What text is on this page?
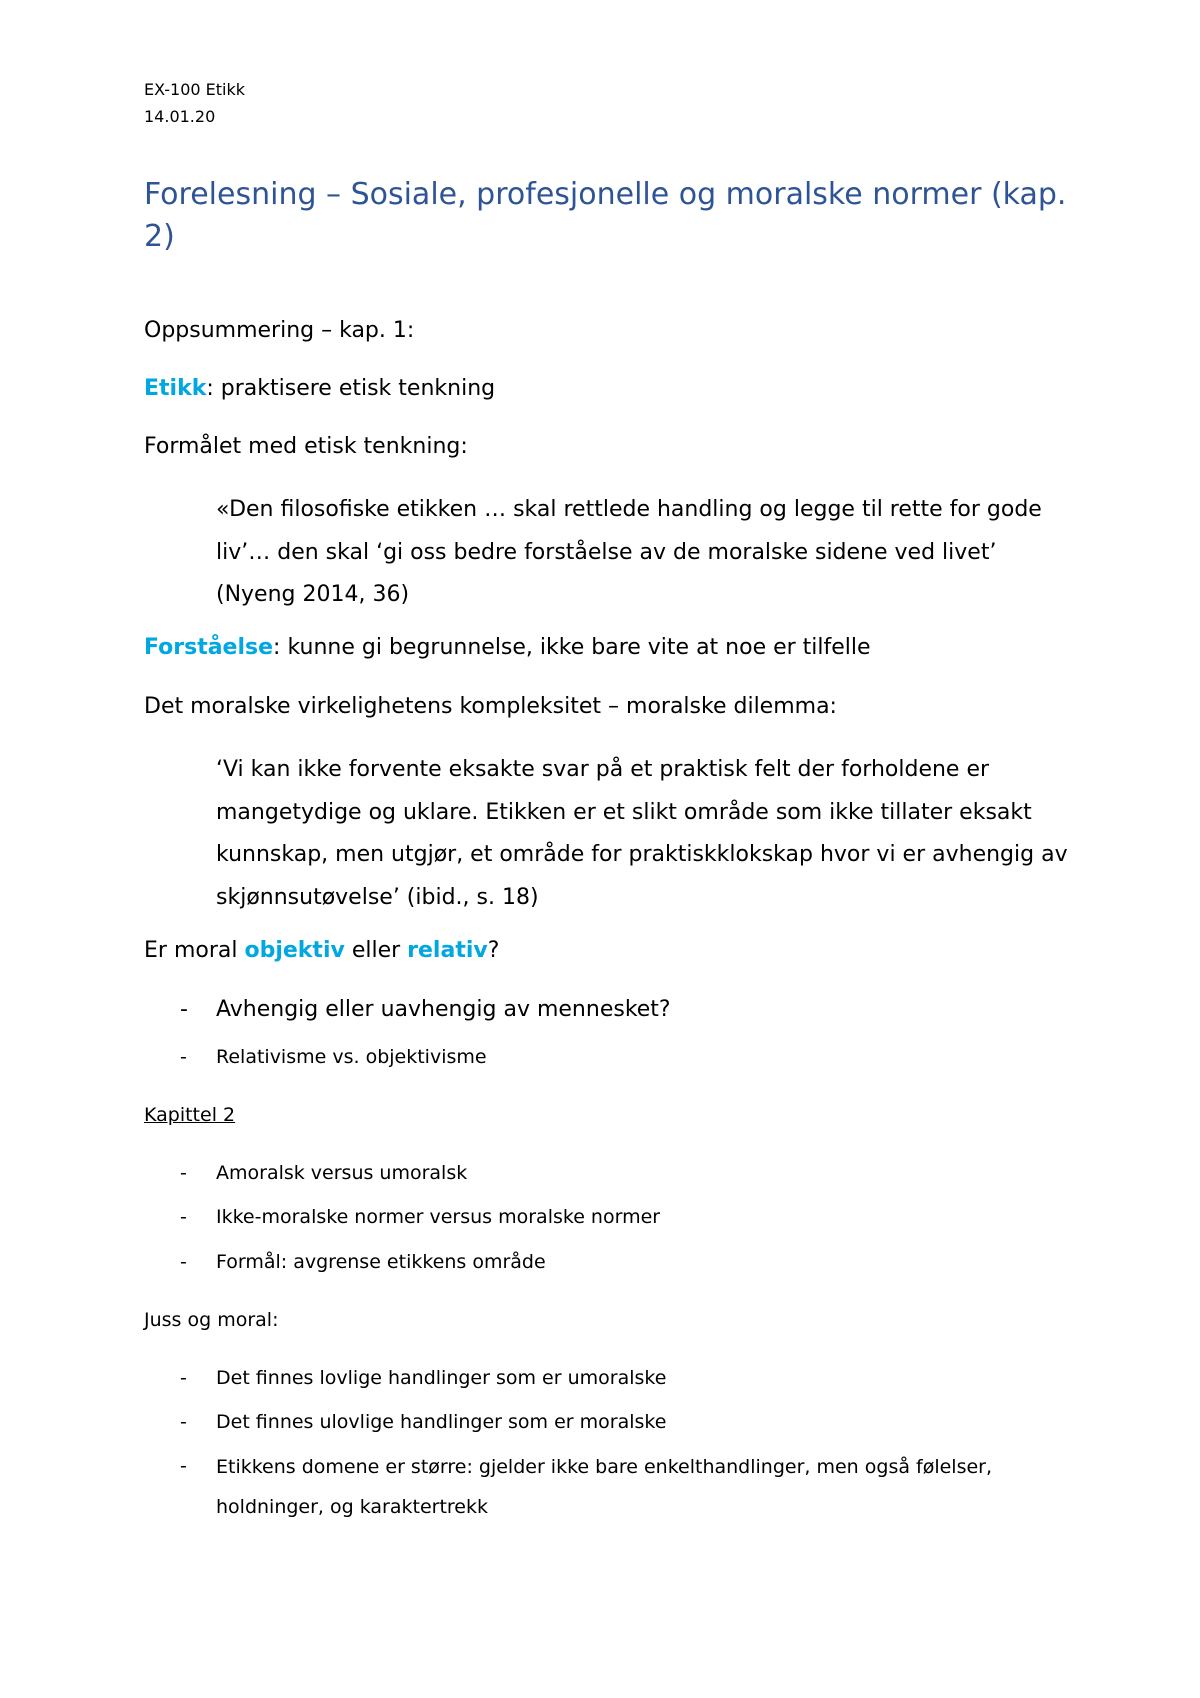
EX-100 Etikk
14.01.20
Forelesning – Sosiale, profesjonelle og moralske normer (kap. 2)
Oppsummering – kap. 1:
Etikk: praktisere etisk tenkning
Formålet med etisk tenkning:
«Den filosofiske etikken … skal rettlede handling og legge til rette for gode liv’… den skal ‘gi oss bedre forståelse av de moralske sidene ved livet’ (Nyeng 2014, 36)
Forståelse: kunne gi begrunnelse, ikke bare vite at noe er tilfelle
Det moralske virkelighetens kompleksitet – moralske dilemma:
‘Vi kan ikke forvente eksakte svar på et praktisk felt der forholdene er mangetydige og uklare. Etikken er et slikt område som ikke tillater eksakt kunnskap, men utgjør, et område for praktiskklokskap hvor vi er avhengig av skjønnsutøvelse’ (ibid., s. 18)
Er moral objektiv eller relativ?
-	Avhengig eller uavhengig av mennesket?
-	Relativisme vs. objektivisme
Kapittel 2
-	Amoralsk versus umoralsk
-	Ikke-moralske normer versus moralske normer
-	Formål: avgrense etikkens område
Juss og moral:
-	Det finnes lovlige handlinger som er umoralske
-	Det finnes ulovlige handlinger som er moralske
-	Etikkens domene er større: gjelder ikke bare enkelthandlinger, men også følelser, holdninger, og karaktertrekk
